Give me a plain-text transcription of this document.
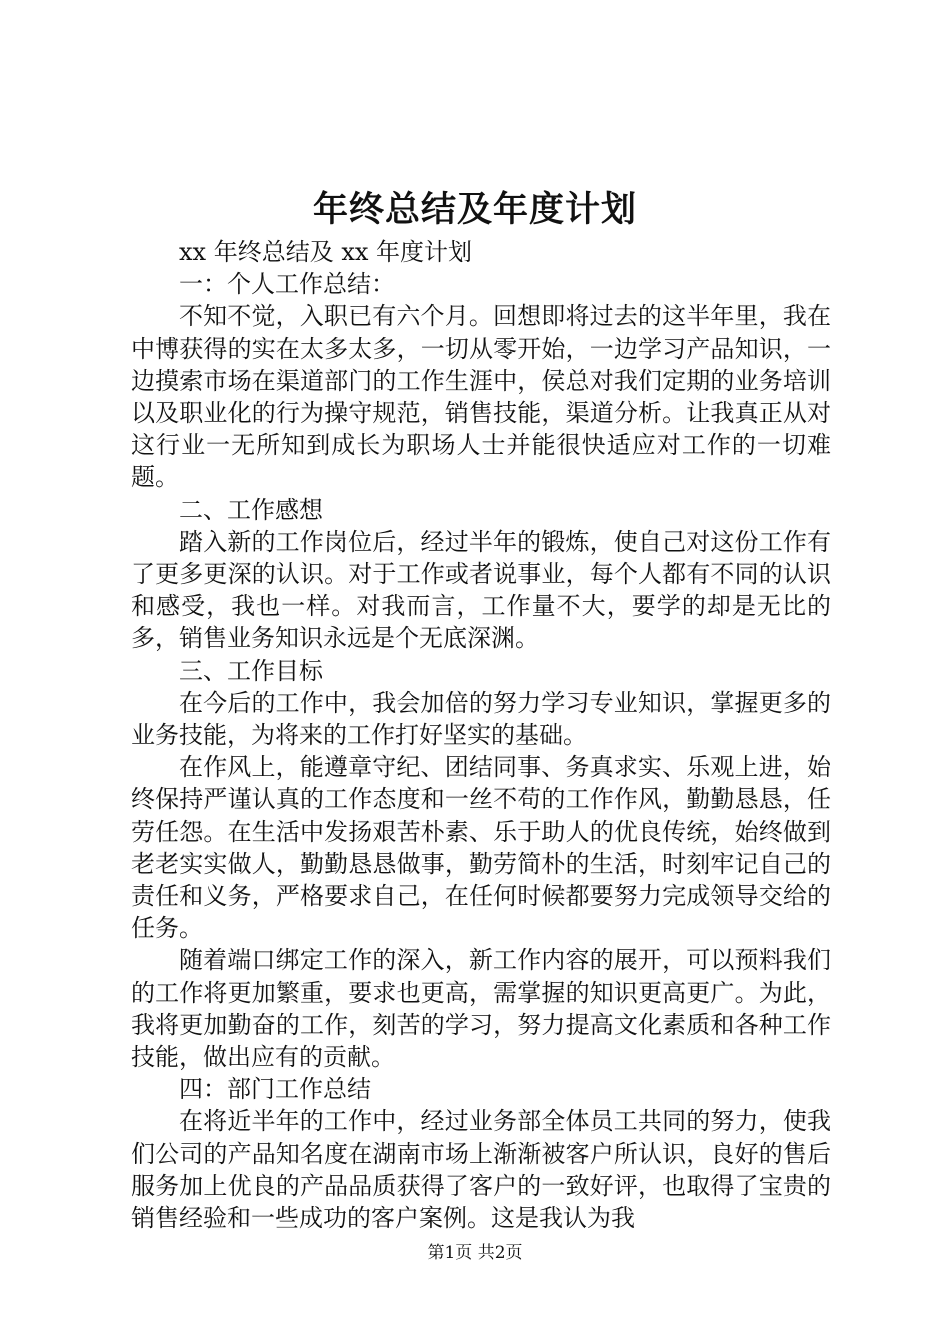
年终总结及年度计划

xx 年终总结及 xx 年度计划

一：个人工作总结：

不知不觉，入职已有六个月。回想即将过去的这半年里，我在中博获得的实在太多太多，一切从零开始，一边学习产品知识，一边摸索市场在渠道部门的工作生涯中，侯总对我们定期的业务培训以及职业化的行为操守规范，销售技能，渠道分析。让我真正从对这行业一无所知到成长为职场人士并能很快适应对工作的一切难题。

二、工作感想

踏入新的工作岗位后，经过半年的锻炼，使自己对这份工作有了更多更深的认识。对于工作或者说事业，每个人都有不同的认识和感受，我也一样。对我而言，工作量不大，要学的却是无比的多，销售业务知识永远是个无底深渊。

三、工作目标

在今后的工作中，我会加倍的努力学习专业知识，掌握更多的业务技能，为将来的工作打好坚实的基础。

在作风上，能遵章守纪、团结同事、务真求实、乐观上进，始终保持严谨认真的工作态度和一丝不苟的工作作风，勤勤恳恳，任劳任怨。在生活中发扬艰苦朴素、乐于助人的优良传统，始终做到老老实实做人，勤勤恳恳做事，勤劳简朴的生活，时刻牢记自己的责任和义务，严格要求自己，在任何时候都要努力完成领导交给的任务。

随着端口绑定工作的深入，新工作内容的展开，可以预料我们的工作将更加繁重，要求也更高，需掌握的知识更高更广。为此，我将更加勤奋的工作，刻苦的学习，努力提高文化素质和各种工作技能，做出应有的贡献。

四：部门工作总结

在将近半年的工作中，经过业务部全体员工共同的努力，使我们公司的产品知名度在湖南市场上渐渐被客户所认识，良好的售后服务加上优良的产品品质获得了客户的一致好评，也取得了宝贵的销售经验和一些成功的客户案例。这是我认为我

第1页 共2页
